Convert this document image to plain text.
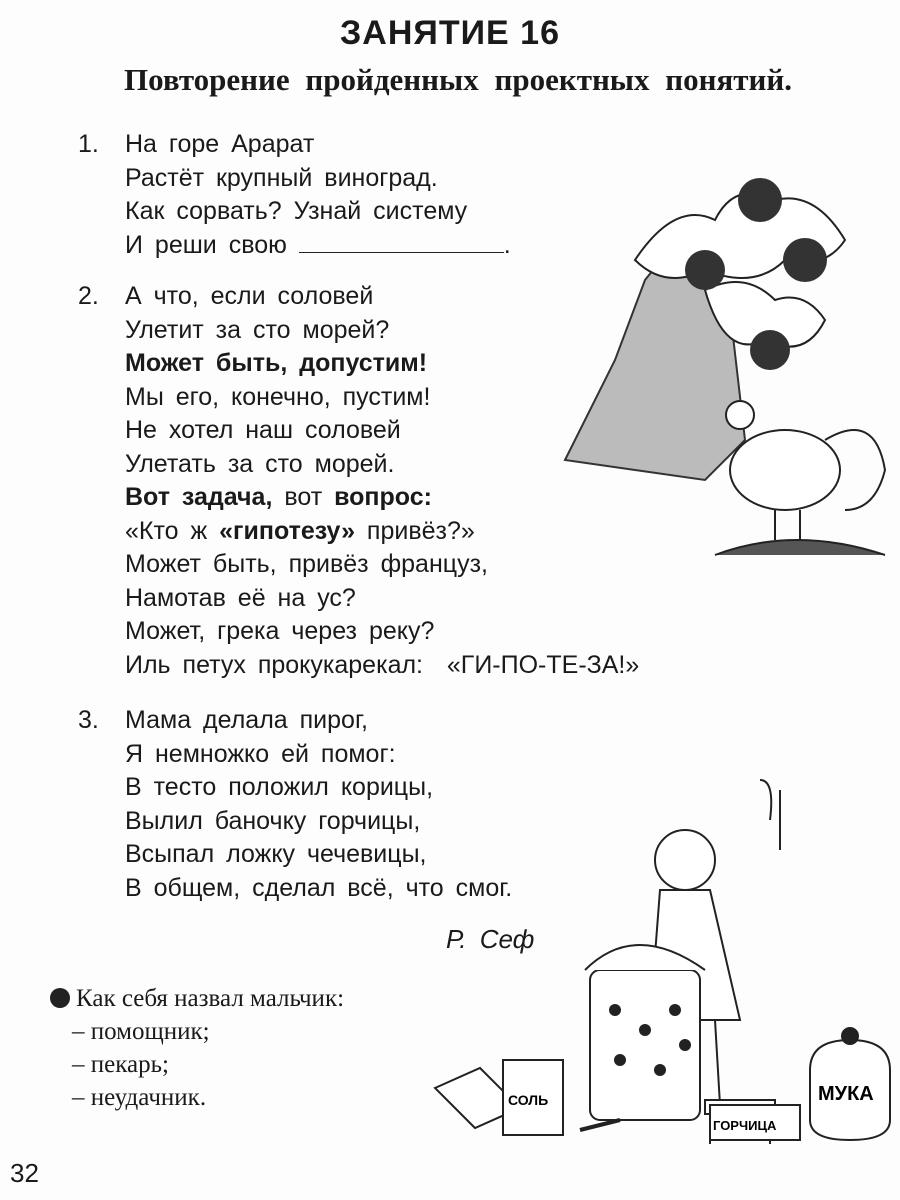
ЗАНЯТИЕ 16
Повторение пройденных проектных понятий.
1.	На горе Арарат
Растёт крупный виноград.
Как сорвать? Узнай систему
И реши свою	.
2.	А что, если соловей
Улетит за сто морей?
Может быть, допустим!
Мы его, конечно, пустим!
Не хотел наш соловей
Улетать за сто морей.
Вот задача, вот вопрос:
«Кто ж «гипотезу» привёз?»
Может быть, привёз француз,
Намотав её на ус?
Может, грека через реку?
Иль петух прокукарекал:  «ГИ-ПО-ТЕ-ЗА!»
3.	Мама делала пирог,
Я немножко ей помог:
В тесто положил корицы,
Вылил баночку горчицы,
Всыпал ложку чечевицы,
В общем, сделал всё, что смог.
Р. Сеф
Как себя назвал мальчик:
– помощник;
– пекарь;
– неудачник.	СОЛЬ
ГОРЧИЦА
МУКА
32
